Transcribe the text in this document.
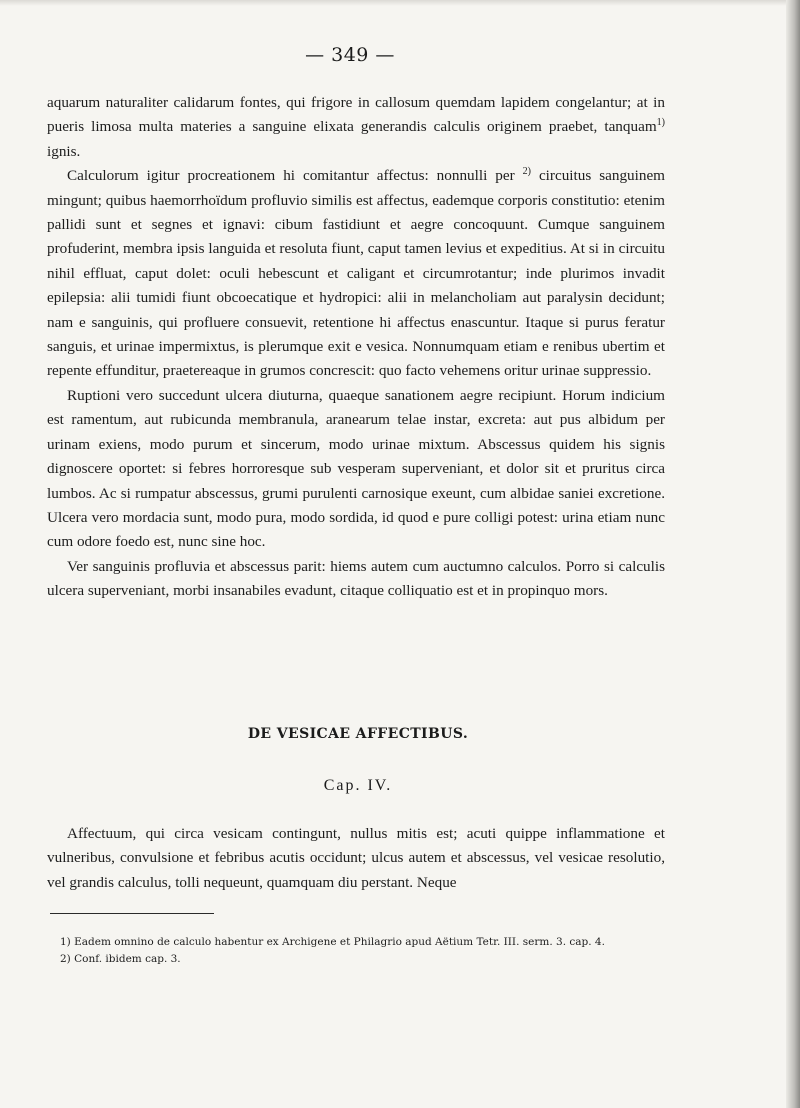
— 349 —

aquarum naturaliter calidarum fontes, qui frigore in callosum quemdam lapidem congelantur; at in pueris limosa multa materies a sanguine elixata generandis calculis originem praebet, tanquam$^{1)}$ ignis.

Calculorum igitur procreationem hi comitantur affectus: nonnulli per $^{2)}$ circuitus sanguinem mingunt; quibus haemorrhoïdum profluvio similis est affectus, eademque corporis constitutio: etenim pallidi sunt et segnes et ignavi: cibum fastidiunt et aegre concoquunt. Cumque sanguinem profuderint, membra ipsis languida et resoluta fiunt, caput tamen levius et expeditius. At si in circuitu nihil effluat, caput dolet: oculi hebescunt et caligant et circumrotantur; inde plurimos invadit epilepsia: alii tumidi fiunt obcoecatique et hydropici: alii in melancholiam aut paralysin decidunt; nam e sanguinis, qui profluere consuevit, retentione hi affectus enascuntur. Itaque si purus feratur sanguis, et urinae impermixtus, is plerumque exit e vesica. Nonnumquam etiam e renibus ubertim et repente effunditur, praetereaque in grumos concrescit: quo facto vehemens oritur urinae suppressio.

Ruptioni vero succedunt ulcera diuturna, quaeque sanationem aegre recipiunt. Horum indicium est ramentum, aut rubicunda membranula, aranearum telae instar, excreta: aut pus albidum per urinam exiens, modo purum et sincerum, modo urinae mixtum. Abscessus quidem his signis dignoscere oportet: si febres horroresque sub vesperam superveniant, et dolor sit et pruritus circa lumbos. Ac si rumpatur abscessus, grumi purulenti carnosique exeunt, cum albidae saniei excretione. Ulcera vero mordacia sunt, modo pura, modo sordida, id quod e pure colligi potest: urina etiam nunc cum odore foedo est, nunc sine hoc.

Ver sanguinis profluvia et abscessus parit: hiems autem cum auctumno calculos. Porro si calculis ulcera superveniant, morbi insanabiles evadunt, citaque colliquatio est et in propinquo mors.

DE VESICAE AFFECTIBUS.
Cap. IV.

Affectuum, qui circa vesicam contingunt, nullus mitis est; acuti quippe inflammatione et vulneribus, convulsione et febribus acutis occidunt; ulcus autem et abscessus, vel vesicae resolutio, vel grandis calculus, tolli nequeunt, quamquam diu perstant. Neque

1) Eadem omnino de calculo habentur ex Archigene et Philagrio apud Aëtium Tetr. III. serm. 3. cap. 4.
2) Conf. ibidem cap. 3.
